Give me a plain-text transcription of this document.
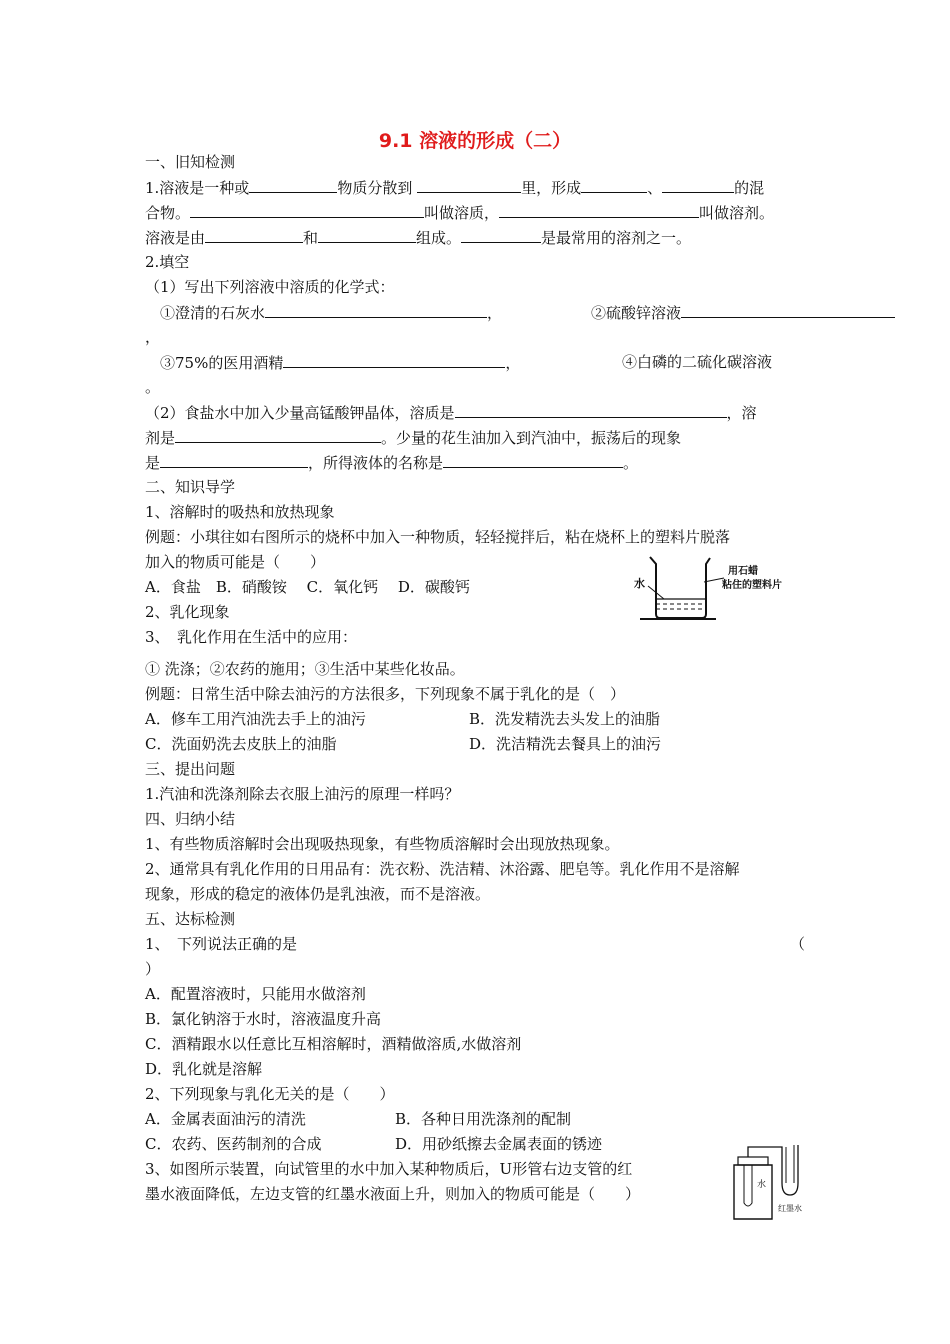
9.1 溶液的形成（二）
一、旧知检测
1.溶液是一种或	物质分散到	里，形成	、	的混
合物。	叫做溶质，	叫做溶剂。
溶液是由	和	组成。	是最常用的溶剂之一。
2.填空
（1）写出下列溶液中溶质的化学式：
①澄清的石灰水	，	②硫酸锌溶液
，
③75%的医用酒精	，	④白磷的二硫化碳溶液
。
（2）食盐水中加入少量高锰酸钾晶体，溶质是	，溶
剂是	。少量的花生油加入到汽油中，振荡后的现象
是	，所得液体的名称是	。
二、知识导学
1、溶解时的吸热和放热现象
例题：小琪往如右图所示的烧杯中加入一种物质，轻轻搅拌后，粘在烧杯上的塑料片脱落
加入的物质可能是（　　）
A．食盐　B．硝酸铵　 C．氧化钙　 D．碳酸钙
2、乳化现象
3、　乳化作用在生活中的应用：
① 洗涤；②农药的施用；③生活中某些化妆品。
例题：日常生活中除去油污的方法很多，下列现象不属于乳化的是（　）
A．修车工用汽油洗去手上的油污	B．洗发精洗去头发上的油脂
C．洗面奶洗去皮肤上的油脂	D．洗洁精洗去餐具上的油污
三、提出问题
1.汽油和洗涤剂除去衣服上油污的原理一样吗？
四、归纳小结
1、有些物质溶解时会出现吸热现象，有些物质溶解时会出现放热现象。
2、通常具有乳化作用的日用品有：洗衣粉、洗洁精、沐浴露、肥皂等。乳化作用不是溶解
现象，形成的稳定的液体仍是乳浊液，而不是溶液。
五、达标检测
1、　下列说法正确的是	（
）
A．配置溶液时，只能用水做溶剂
B．氯化钠溶于水时，溶液温度升高
C．酒精跟水以任意比互相溶解时，酒精做溶质,水做溶剂
D．乳化就是溶解
2、下列现象与乳化无关的是（　　）
A．金属表面油污的清洗	B．各种日用洗涤剂的配制
C．农药、医药制剂的合成	D．用砂纸擦去金属表面的锈迹
3、如图所示装置，向试管里的水中加入某种物质后，U形管右边支管的红
墨水液面降低，左边支管的红墨水液面上升，则加入的物质可能是（　　）
水
用石蜡
粘住的塑料片
水
红墨水
